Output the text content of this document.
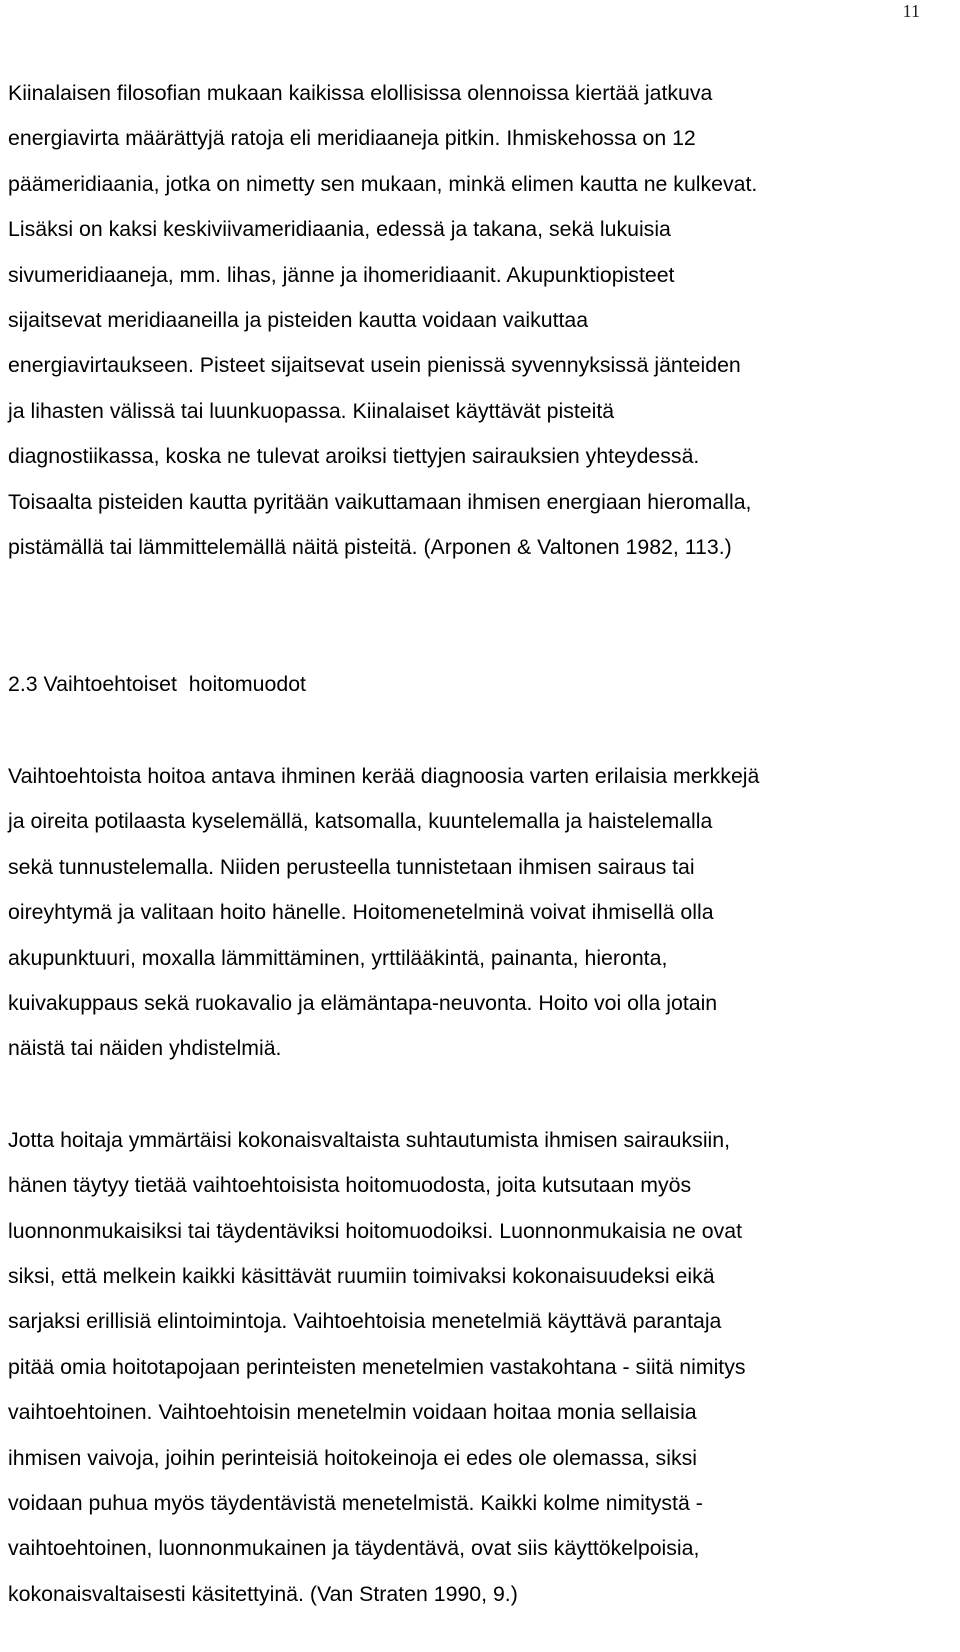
11

Kiinalaisen filosofian mukaan kaikissa elollisissa olennoissa kiertää jatkuva
energiavirta määrättyjä ratoja eli meridiaaneja pitkin. Ihmiskehossa on 12
päämeridiaania, jotka on nimetty sen mukaan, minkä elimen kautta ne kulkevat.
Lisäksi on kaksi keskiviivameridiaania, edessä ja takana, sekä lukuisia
sivumeridiaaneja, mm. lihas, jänne ja ihomeridiaanit. Akupunktiopisteet
sijaitsevat meridiaaneilla ja pisteiden kautta voidaan vaikuttaa
energiavirtaukseen. Pisteet sijaitsevat usein pienissä syvennyksissä jänteiden
ja lihasten välissä tai luunkuopassa. Kiinalaiset käyttävät pisteitä
diagnostiikassa, koska ne tulevat aroiksi tiettyjen sairauksien yhteydessä.
Toisaalta pisteiden kautta pyritään vaikuttamaan ihmisen energiaan hieromalla,
pistämällä tai lämmittelemällä näitä pisteitä. (Arponen & Valtonen 1982, 113.)

2.3 Vaihtoehtoiset  hoitomuodot

Vaihtoehtoista hoitoa antava ihminen kerää diagnoosia varten erilaisia merkkejä
ja oireita potilaasta kyselemällä, katsomalla, kuuntelemalla ja haistelemalla
sekä tunnustelemalla. Niiden perusteella tunnistetaan ihmisen sairaus tai
oireyhtymä ja valitaan hoito hänelle. Hoitomenetelminä voivat ihmisellä olla
akupunktuuri, moxalla lämmittäminen, yrttilääkintä, painanta, hieronta,
kuivakuppaus sekä ruokavalio ja elämäntapa-neuvonta. Hoito voi olla jotain
näistä tai näiden yhdistelmiä.

Jotta hoitaja ymmärtäisi kokonaisvaltaista suhtautumista ihmisen sairauksiin,
hänen täytyy tietää vaihtoehtoisista hoitomuodosta, joita kutsutaan myös
luonnonmukaisiksi tai täydentäviksi hoitomuodoiksi. Luonnonmukaisia ne ovat
siksi, että melkein kaikki käsittävät ruumiin toimivaksi kokonaisuudeksi eikä
sarjaksi erillisiä elintoimintoja. Vaihtoehtoisia menetelmiä käyttävä parantaja
pitää omia hoitotapojaan perinteisten menetelmien vastakohtana - siitä nimitys
vaihtoehtoinen. Vaihtoehtoisin menetelmin voidaan hoitaa monia sellaisia
ihmisen vaivoja, joihin perinteisiä hoitokeinoja ei edes ole olemassa, siksi
voidaan puhua myös täydentävistä menetelmistä. Kaikki kolme nimitystä -
vaihtoehtoinen, luonnonmukainen ja täydentävä, ovat siis käyttökelpoisia,
kokonaisvaltaisesti käsitettyinä. (Van Straten 1990, 9.)
